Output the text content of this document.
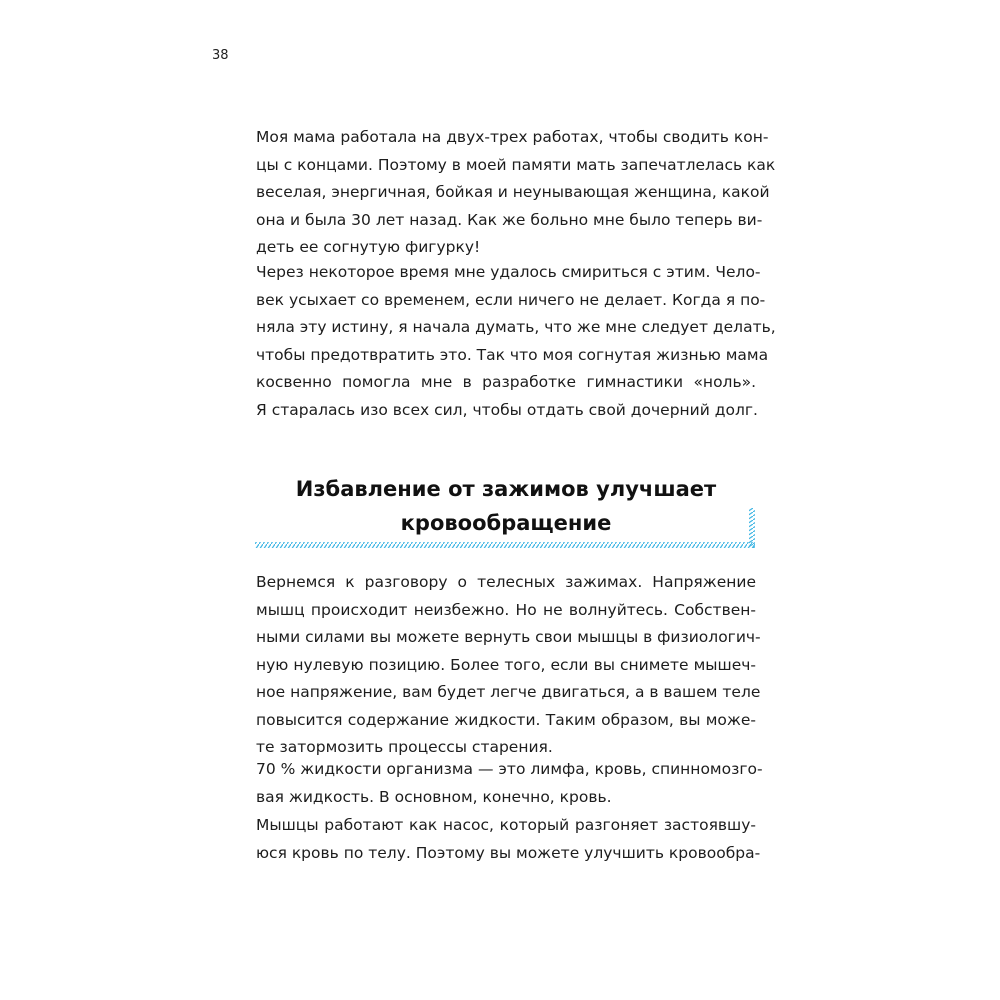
38
Моя мама работала на двух-трех работах, чтобы сводить кон-
цы с концами. Поэтому в моей памяти мать запечатлелась как
веселая, энергичная, бойкая и неунывающая женщина, какой
она и была 30 лет назад. Как же больно мне было теперь ви-
деть ее согнутую фигурку!
Через некоторое время мне удалось смириться с этим. Чело-
век усыхает со временем, если ничего не делает. Когда я по-
няла эту истину, я начала думать, что же мне следует делать,
чтобы предотвратить это. Так что моя согнутая жизнью мама
косвенно помогла мне в разработке гимнастики «ноль».
Я старалась изо всех сил, чтобы отдать свой дочерний долг.
Избавление от зажимов улучшает
кровообращение
Вернемся к разговору о телесных зажимах. Напряжение
мышц происходит неизбежно. Но не волнуйтесь. Собствен-
ными силами вы можете вернуть свои мышцы в физиологич-
ную нулевую позицию. Более того, если вы снимете мышеч-
ное напряжение, вам будет легче двигаться, а в вашем теле
повысится содержание жидкости. Таким образом, вы може-
те затормозить процессы старения.
70 % жидкости организма — это лимфа, кровь, спинномозго-
вая жидкость. В основном, конечно, кровь.
Мышцы работают как насос, который разгоняет застоявшу-
юся кровь по телу. Поэтому вы можете улучшить кровообра-
